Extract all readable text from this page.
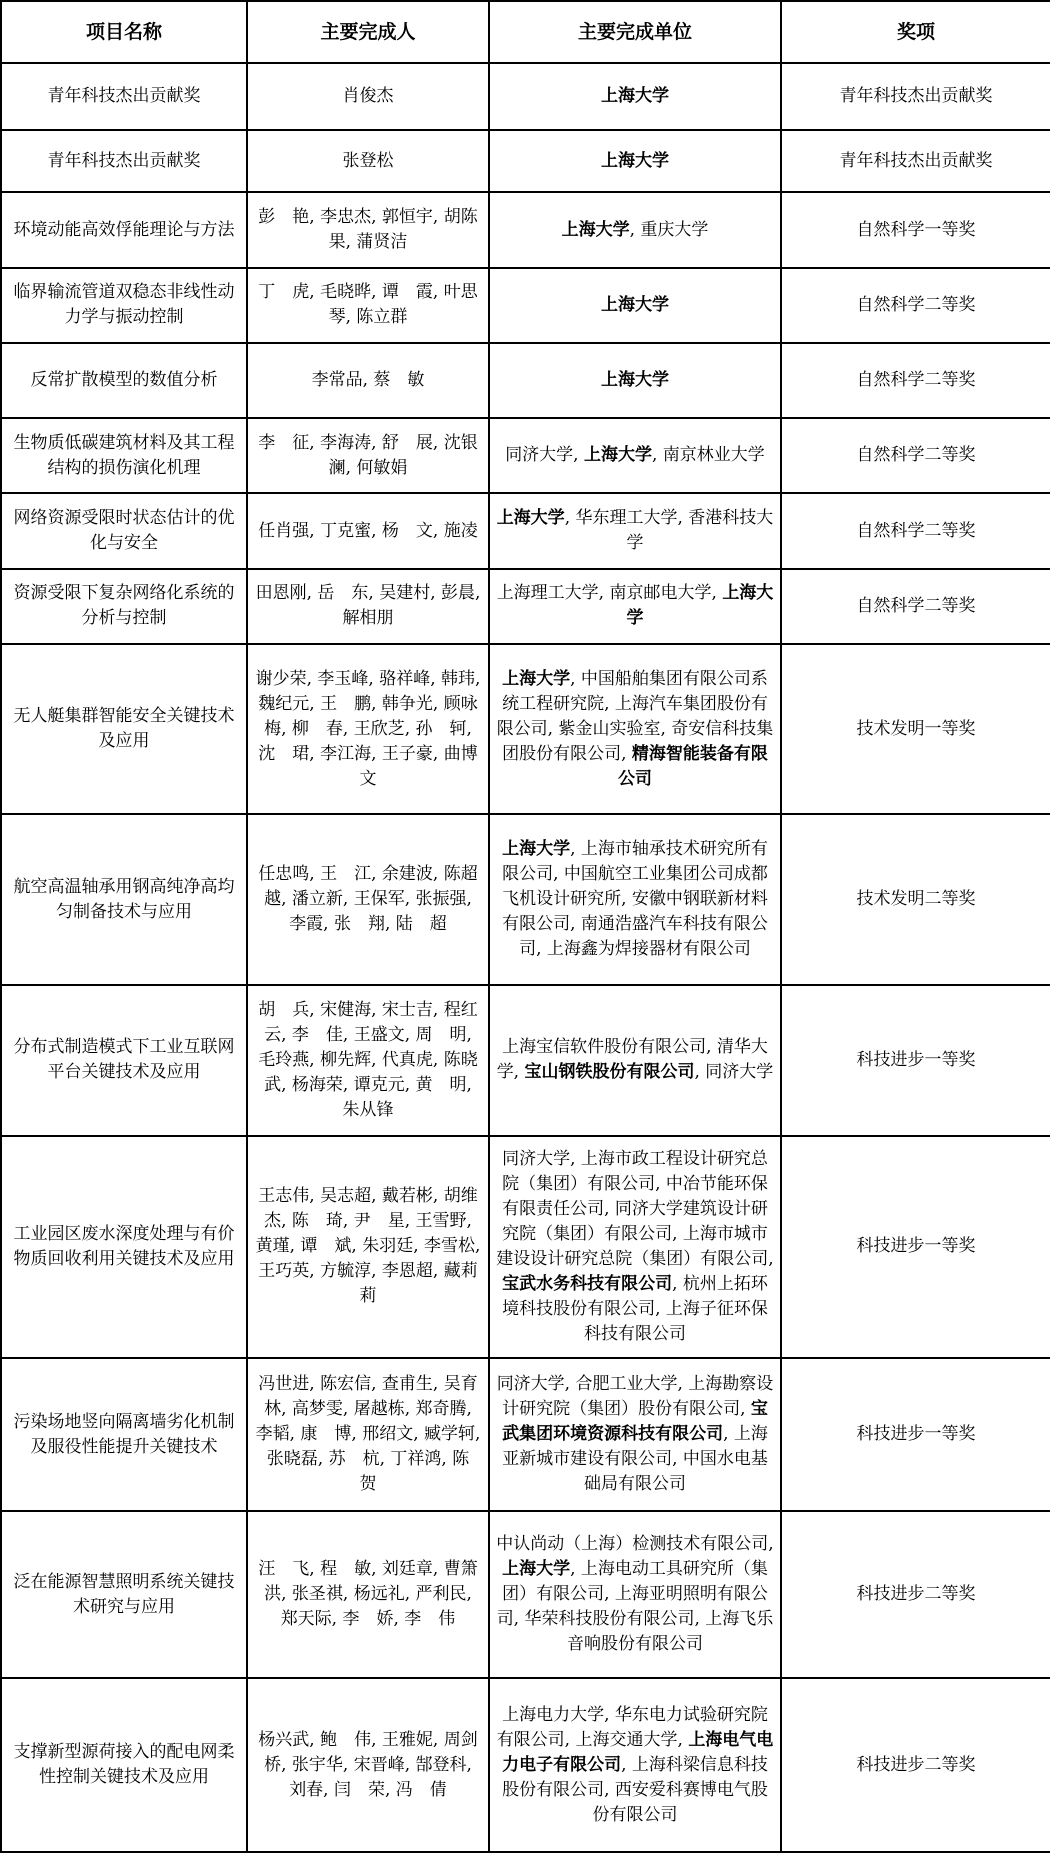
项目名称	主要完成人	主要完成单位	奖项
青年科技杰出贡献奖	肖俊杰	上海大学	青年科技杰出贡献奖
青年科技杰出贡献奖	张登松	上海大学	青年科技杰出贡献奖
环境动能高效俘能理论与方法	彭　艳, 李忠杰, 郭恒宇, 胡陈果, 蒲贤洁	上海大学, 重庆大学	自然科学一等奖
临界输流管道双稳态非线性动力学与振动控制	丁　虎, 毛晓晔, 谭　霞, 叶思琴, 陈立群	上海大学	自然科学二等奖
反常扩散模型的数值分析	李常品, 蔡　敏	上海大学	自然科学二等奖
生物质低碳建筑材料及其工程结构的损伤演化机理	李　征, 李海涛, 舒　展, 沈银澜, 何敏娟	同济大学, 上海大学, 南京林业大学	自然科学二等奖
网络资源受限时状态估计的优化与安全	任肖强, 丁克蜜, 杨　文, 施凌	上海大学, 华东理工大学, 香港科技大学	自然科学二等奖
资源受限下复杂网络化系统的分析与控制	田恩刚, 岳　东, 吴建村, 彭晨, 解相朋	上海理工大学, 南京邮电大学, 上海大学	自然科学二等奖
无人艇集群智能安全关键技术及应用	谢少荣, 李玉峰, 骆祥峰, 韩玮, 魏纪元, 王　鹏, 韩争光, 顾咏梅, 柳　春, 王欣芝, 孙　轲, 沈　珺, 李江海, 王子豪, 曲博文	上海大学, 中国船舶集团有限公司系统工程研究院, 上海汽车集团股份有限公司, 紫金山实验室, 奇安信科技集团股份有限公司, 精海智能装备有限公司	技术发明一等奖
航空高温轴承用钢高纯净高均匀制备技术与应用	任忠鸣, 王　江, 余建波, 陈超越, 潘立新, 王保军, 张振强, 李霞, 张　翔, 陆　超	上海大学, 上海市轴承技术研究所有限公司, 中国航空工业集团公司成都飞机设计研究所, 安徽中钢联新材料有限公司, 南通浩盛汽车科技有限公司, 上海鑫为焊接器材有限公司	技术发明二等奖
分布式制造模式下工业互联网平台关键技术及应用	胡　兵, 宋健海, 宋士吉, 程红云, 李　佳, 王盛文, 周　明, 毛玲燕, 柳先辉, 代真虎, 陈晓武, 杨海荣, 谭克元, 黄　明, 朱从锋	上海宝信软件股份有限公司, 清华大学, 宝山钢铁股份有限公司, 同济大学	科技进步一等奖
工业园区废水深度处理与有价物质回收利用关键技术及应用	王志伟, 吴志超, 戴若彬, 胡维杰, 陈　琦, 尹　星, 王雪野, 黄瑾, 谭　斌, 朱羽廷, 李雪松, 王巧英, 方毓淳, 李恩超, 藏莉莉	同济大学, 上海市政工程设计研究总院（集团）有限公司, 中冶节能环保有限责任公司, 同济大学建筑设计研究院（集团）有限公司, 上海市城市建设设计研究总院（集团）有限公司, 宝武水务科技有限公司, 杭州上拓环境科技股份有限公司, 上海子征环保科技有限公司	科技进步一等奖
污染场地竖向隔离墙劣化机制及服役性能提升关键技术	冯世进, 陈宏信, 查甫生, 吴育林, 高梦雯, 屠越栋, 郑奇腾, 李韬, 康　博, 邢绍文, 臧学轲, 张晓磊, 苏　杭, 丁祥鸿, 陈　贺	同济大学, 合肥工业大学, 上海勘察设计研究院（集团）股份有限公司, 宝武集团环境资源科技有限公司, 上海亚新城市建设有限公司, 中国水电基础局有限公司	科技进步一等奖
泛在能源智慧照明系统关键技术研究与应用	汪　飞, 程　敏, 刘廷章, 曹箫洪, 张圣祺, 杨远礼, 严利民, 郑天际, 李　娇, 李　伟	中认尚动（上海）检测技术有限公司, 上海大学, 上海电动工具研究所（集团）有限公司, 上海亚明照明有限公司, 华荣科技股份有限公司, 上海飞乐音响股份有限公司	科技进步二等奖
支撑新型源荷接入的配电网柔性控制关键技术及应用	杨兴武, 鲍　伟, 王雅妮, 周剑桥, 张宇华, 宋晋峰, 郜登科, 刘春, 闫　荣, 冯　倩	上海电力大学, 华东电力试验研究院有限公司, 上海交通大学, 上海电气电力电子有限公司, 上海科梁信息科技股份有限公司, 西安爱科赛博电气股份有限公司	科技进步二等奖
